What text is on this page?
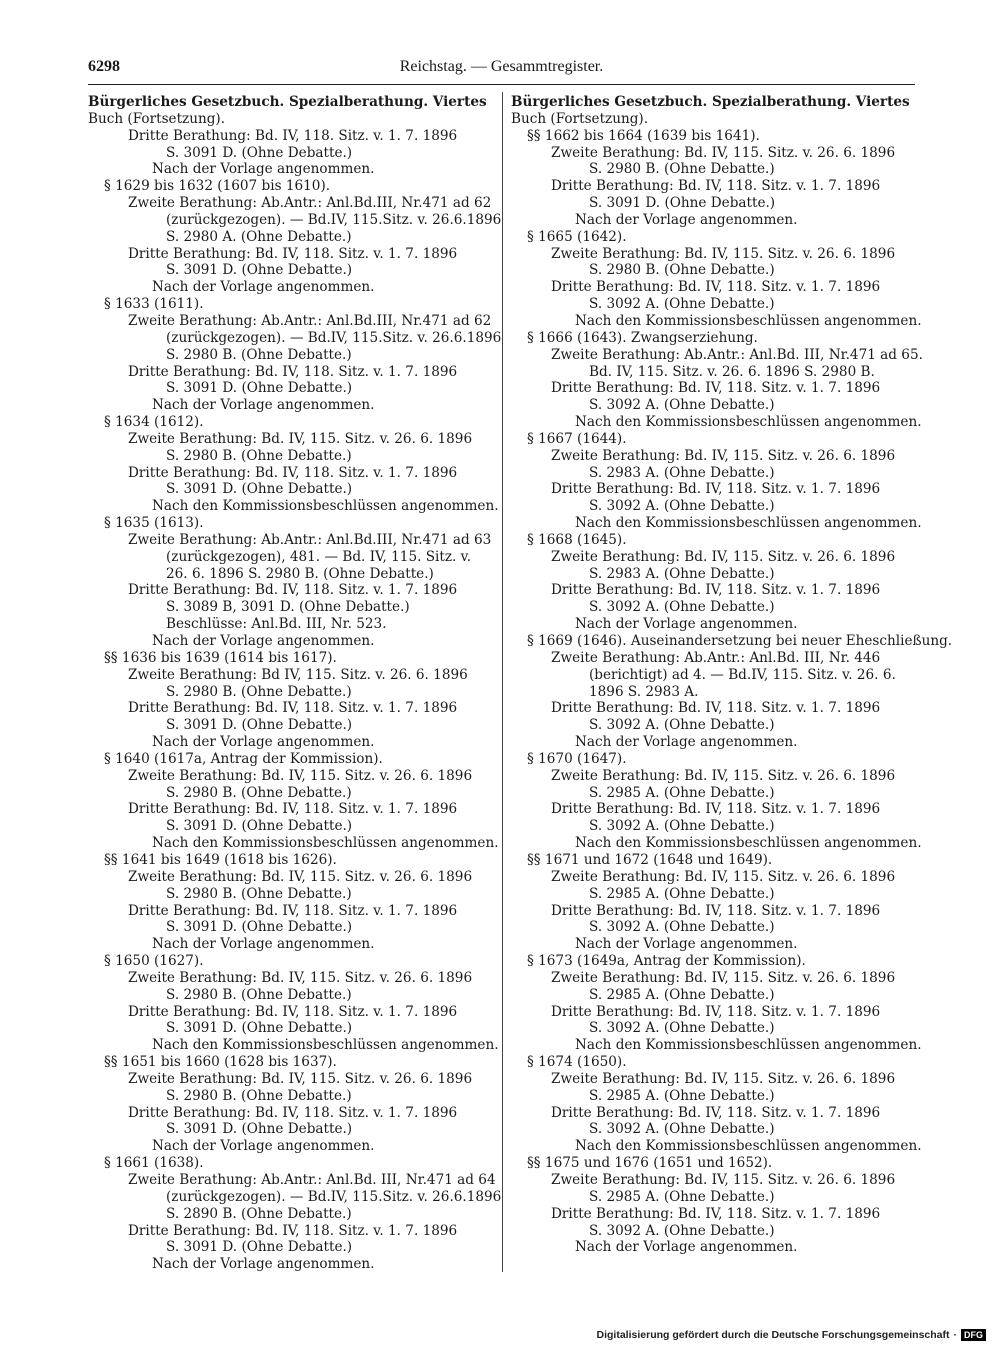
6298	Reichstag. — Gesammtregister.
Bürgerliches Gesetzbuch. Spezialberathung. Viertes
Buch (Fortsetzung).
Dritte Berathung: Bd. IV, 118. Sitz. v. 1. 7. 1896
S. 3091 D. (Ohne Debatte.)
Nach der Vorlage angenommen.
§ 1629 bis 1632 (1607 bis 1610).
Zweite Berathung: Ab.Antr.: Anl.Bd.III, Nr.471 ad 62
(zurückgezogen). — Bd.IV, 115.Sitz. v. 26.6.1896
S. 2980 A. (Ohne Debatte.)
Dritte Berathung: Bd. IV, 118. Sitz. v. 1. 7. 1896
S. 3091 D. (Ohne Debatte.)
Nach der Vorlage angenommen.
§ 1633 (1611).
Zweite Berathung: Ab.Antr.: Anl.Bd.III, Nr.471 ad 62
(zurückgezogen). — Bd.IV, 115.Sitz. v. 26.6.1896
S. 2980 B. (Ohne Debatte.)
Dritte Berathung: Bd. IV, 118. Sitz. v. 1. 7. 1896
S. 3091 D. (Ohne Debatte.)
Nach der Vorlage angenommen.
§ 1634 (1612).
Zweite Berathung: Bd. IV, 115. Sitz. v. 26. 6. 1896
S. 2980 B. (Ohne Debatte.)
Dritte Berathung: Bd. IV, 118. Sitz. v. 1. 7. 1896
S. 3091 D. (Ohne Debatte.)
Nach den Kommissionsbeschlüssen angenommen.
§ 1635 (1613).
Zweite Berathung: Ab.Antr.: Anl.Bd.III, Nr.471 ad 63
(zurückgezogen), 481. — Bd. IV, 115. Sitz. v.
26. 6. 1896 S. 2980 B. (Ohne Debatte.)
Dritte Berathung: Bd. IV, 118. Sitz. v. 1. 7. 1896
S. 3089 B, 3091 D. (Ohne Debatte.)
Beschlüsse: Anl.Bd. III, Nr. 523.
Nach der Vorlage angenommen.
§§ 1636 bis 1639 (1614 bis 1617).
Zweite Berathung: Bd IV, 115. Sitz. v. 26. 6. 1896
S. 2980 B. (Ohne Debatte.)
Dritte Berathung: Bd. IV, 118. Sitz. v. 1. 7. 1896
S. 3091 D. (Ohne Debatte.)
Nach der Vorlage angenommen.
§ 1640 (1617a, Antrag der Kommission).
Zweite Berathung: Bd. IV, 115. Sitz. v. 26. 6. 1896
S. 2980 B. (Ohne Debatte.)
Dritte Berathung: Bd. IV, 118. Sitz. v. 1. 7. 1896
S. 3091 D. (Ohne Debatte.)
Nach den Kommissionsbeschlüssen angenommen.
§§ 1641 bis 1649 (1618 bis 1626).
Zweite Berathung: Bd. IV, 115. Sitz. v. 26. 6. 1896
S. 2980 B. (Ohne Debatte.)
Dritte Berathung: Bd. IV, 118. Sitz. v. 1. 7. 1896
S. 3091 D. (Ohne Debatte.)
Nach der Vorlage angenommen.
§ 1650 (1627).
Zweite Berathung: Bd. IV, 115. Sitz. v. 26. 6. 1896
S. 2980 B. (Ohne Debatte.)
Dritte Berathung: Bd. IV, 118. Sitz. v. 1. 7. 1896
S. 3091 D. (Ohne Debatte.)
Nach den Kommissionsbeschlüssen angenommen.
§§ 1651 bis 1660 (1628 bis 1637).
Zweite Berathung: Bd. IV, 115. Sitz. v. 26. 6. 1896
S. 2980 B. (Ohne Debatte.)
Dritte Berathung: Bd. IV, 118. Sitz. v. 1. 7. 1896
S. 3091 D. (Ohne Debatte.)
Nach der Vorlage angenommen.
§ 1661 (1638).
Zweite Berathung: Ab.Antr.: Anl.Bd. III, Nr.471 ad 64
(zurückgezogen). — Bd.IV, 115.Sitz. v. 26.6.1896
S. 2890 B. (Ohne Debatte.)
Dritte Berathung: Bd. IV, 118. Sitz. v. 1. 7. 1896
S. 3091 D. (Ohne Debatte.)
Nach der Vorlage angenommen.
Bürgerliches Gesetzbuch. Spezialberathung. Viertes
Buch (Fortsetzung).
§§ 1662 bis 1664 (1639 bis 1641).
Zweite Berathung: Bd. IV, 115. Sitz. v. 26. 6. 1896
S. 2980 B. (Ohne Debatte.)
Dritte Berathung: Bd. IV, 118. Sitz. v. 1. 7. 1896
S. 3091 D. (Ohne Debatte.)
Nach der Vorlage angenommen.
§ 1665 (1642).
Zweite Berathung: Bd. IV, 115. Sitz. v. 26. 6. 1896
S. 2980 B. (Ohne Debatte.)
Dritte Berathung: Bd. IV, 118. Sitz. v. 1. 7. 1896
S. 3092 A. (Ohne Debatte.)
Nach den Kommissionsbeschlüssen angenommen.
§ 1666 (1643). Zwangserziehung.
Zweite Berathung: Ab.Antr.: Anl.Bd. III, Nr.471 ad 65.
Bd. IV, 115. Sitz. v. 26. 6. 1896 S. 2980 B.
Dritte Berathung: Bd. IV, 118. Sitz. v. 1. 7. 1896
S. 3092 A. (Ohne Debatte.)
Nach den Kommissionsbeschlüssen angenommen.
§ 1667 (1644).
Zweite Berathung: Bd. IV, 115. Sitz. v. 26. 6. 1896
S. 2983 A. (Ohne Debatte.)
Dritte Berathung: Bd. IV, 118. Sitz. v. 1. 7. 1896
S. 3092 A. (Ohne Debatte.)
Nach den Kommissionsbeschlüssen angenommen.
§ 1668 (1645).
Zweite Berathung: Bd. IV, 115. Sitz. v. 26. 6. 1896
S. 2983 A. (Ohne Debatte.)
Dritte Berathung: Bd. IV, 118. Sitz. v. 1. 7. 1896
S. 3092 A. (Ohne Debatte.)
Nach der Vorlage angenommen.
§ 1669 (1646). Auseinandersetzung bei neuer Eheschließung.
Zweite Berathung: Ab.Antr.: Anl.Bd. III, Nr. 446
(berichtigt) ad 4. — Bd.IV, 115. Sitz. v. 26. 6.
1896 S. 2983 A.
Dritte Berathung: Bd. IV, 118. Sitz. v. 1. 7. 1896
S. 3092 A. (Ohne Debatte.)
Nach der Vorlage angenommen.
§ 1670 (1647).
Zweite Berathung: Bd. IV, 115. Sitz. v. 26. 6. 1896
S. 2985 A. (Ohne Debatte.)
Dritte Berathung: Bd. IV, 118. Sitz. v. 1. 7. 1896
S. 3092 A. (Ohne Debatte.)
Nach den Kommissionsbeschlüssen angenommen.
§§ 1671 und 1672 (1648 und 1649).
Zweite Berathung: Bd. IV, 115. Sitz. v. 26. 6. 1896
S. 2985 A. (Ohne Debatte.)
Dritte Berathung: Bd. IV, 118. Sitz. v. 1. 7. 1896
S. 3092 A. (Ohne Debatte.)
Nach der Vorlage angenommen.
§ 1673 (1649a, Antrag der Kommission).
Zweite Berathung: Bd. IV, 115. Sitz. v. 26. 6. 1896
S. 2985 A. (Ohne Debatte.)
Dritte Berathung: Bd. IV, 118. Sitz. v. 1. 7. 1896
S. 3092 A. (Ohne Debatte.)
Nach den Kommissionsbeschlüssen angenommen.
§ 1674 (1650).
Zweite Berathung: Bd. IV, 115. Sitz. v. 26. 6. 1896
S. 2985 A. (Ohne Debatte.)
Dritte Berathung: Bd. IV, 118. Sitz. v. 1. 7. 1896
S. 3092 A. (Ohne Debatte.)
Nach den Kommissionsbeschlüssen angenommen.
§§ 1675 und 1676 (1651 und 1652).
Zweite Berathung: Bd. IV, 115. Sitz. v. 26. 6. 1896
S. 2985 A. (Ohne Debatte.)
Dritte Berathung: Bd. IV, 118. Sitz. v. 1. 7. 1896
S. 3092 A. (Ohne Debatte.)
Nach der Vorlage angenommen.
Digitalisierung gefördert durch die Deutsche Forschungsgemeinschaft · DFG
